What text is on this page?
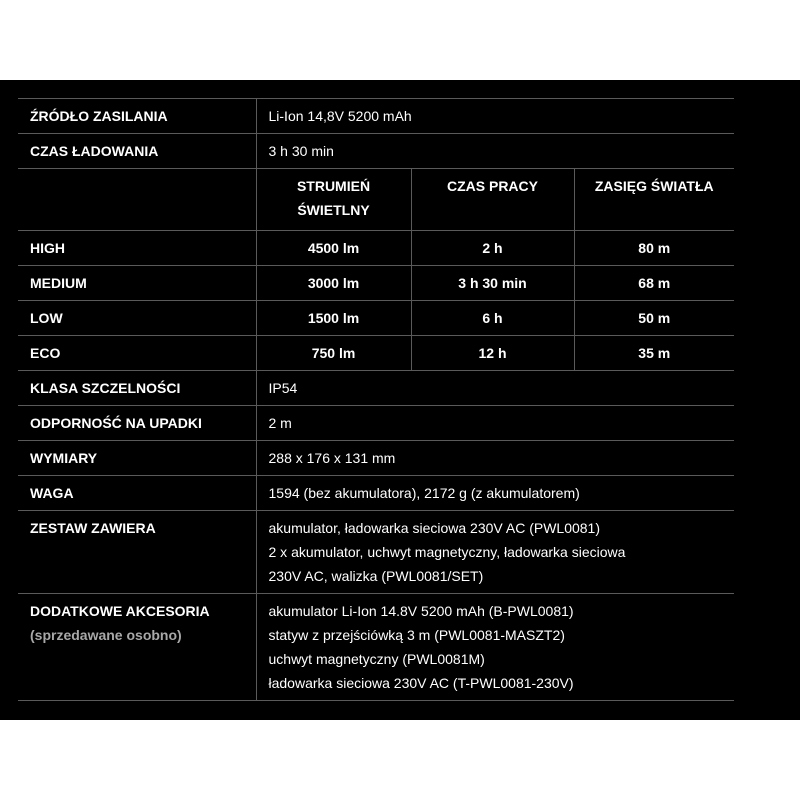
ŹRÓDŁO ZASILANIA	Li-Ion 14,8V 5200 mAh		
CZAS ŁADOWANIA	3 h 30 min		
	STRUMIEŃ ŚWIETLNY	CZAS PRACY	ZASIĘG ŚWIATŁA
HIGH	4500 lm	2 h	80 m
MEDIUM	3000 lm	3 h 30 min	68 m
LOW	1500 lm	6 h	50 m
ECO	750 lm	12 h	35 m
KLASA SZCZELNOŚCI	IP54		
ODPORNOŚĆ NA UPADKI	2 m		
WYMIARY	288 x 176 x 131 mm		
WAGA	1594 (bez akumulatora), 2172 g (z akumulatorem)		
ZESTAW ZAWIERA	akumulator, ładowarka sieciowa 230V AC (PWL0081)
2 x akumulator, uchwyt magnetyczny, ładowarka sieciowa
230V AC, walizka (PWL0081/SET)		

DODATKOWE AKCESORIA
(sprzedawane osobno)	akumulator Li-Ion 14.8V 5200 mAh (B-PWL0081)
statyw z przejściówką 3 m (PWL0081-MASZT2)
uchwyt magnetyczny (PWL0081M)
ładowarka sieciowa 230V AC (T-PWL0081-230V)		
